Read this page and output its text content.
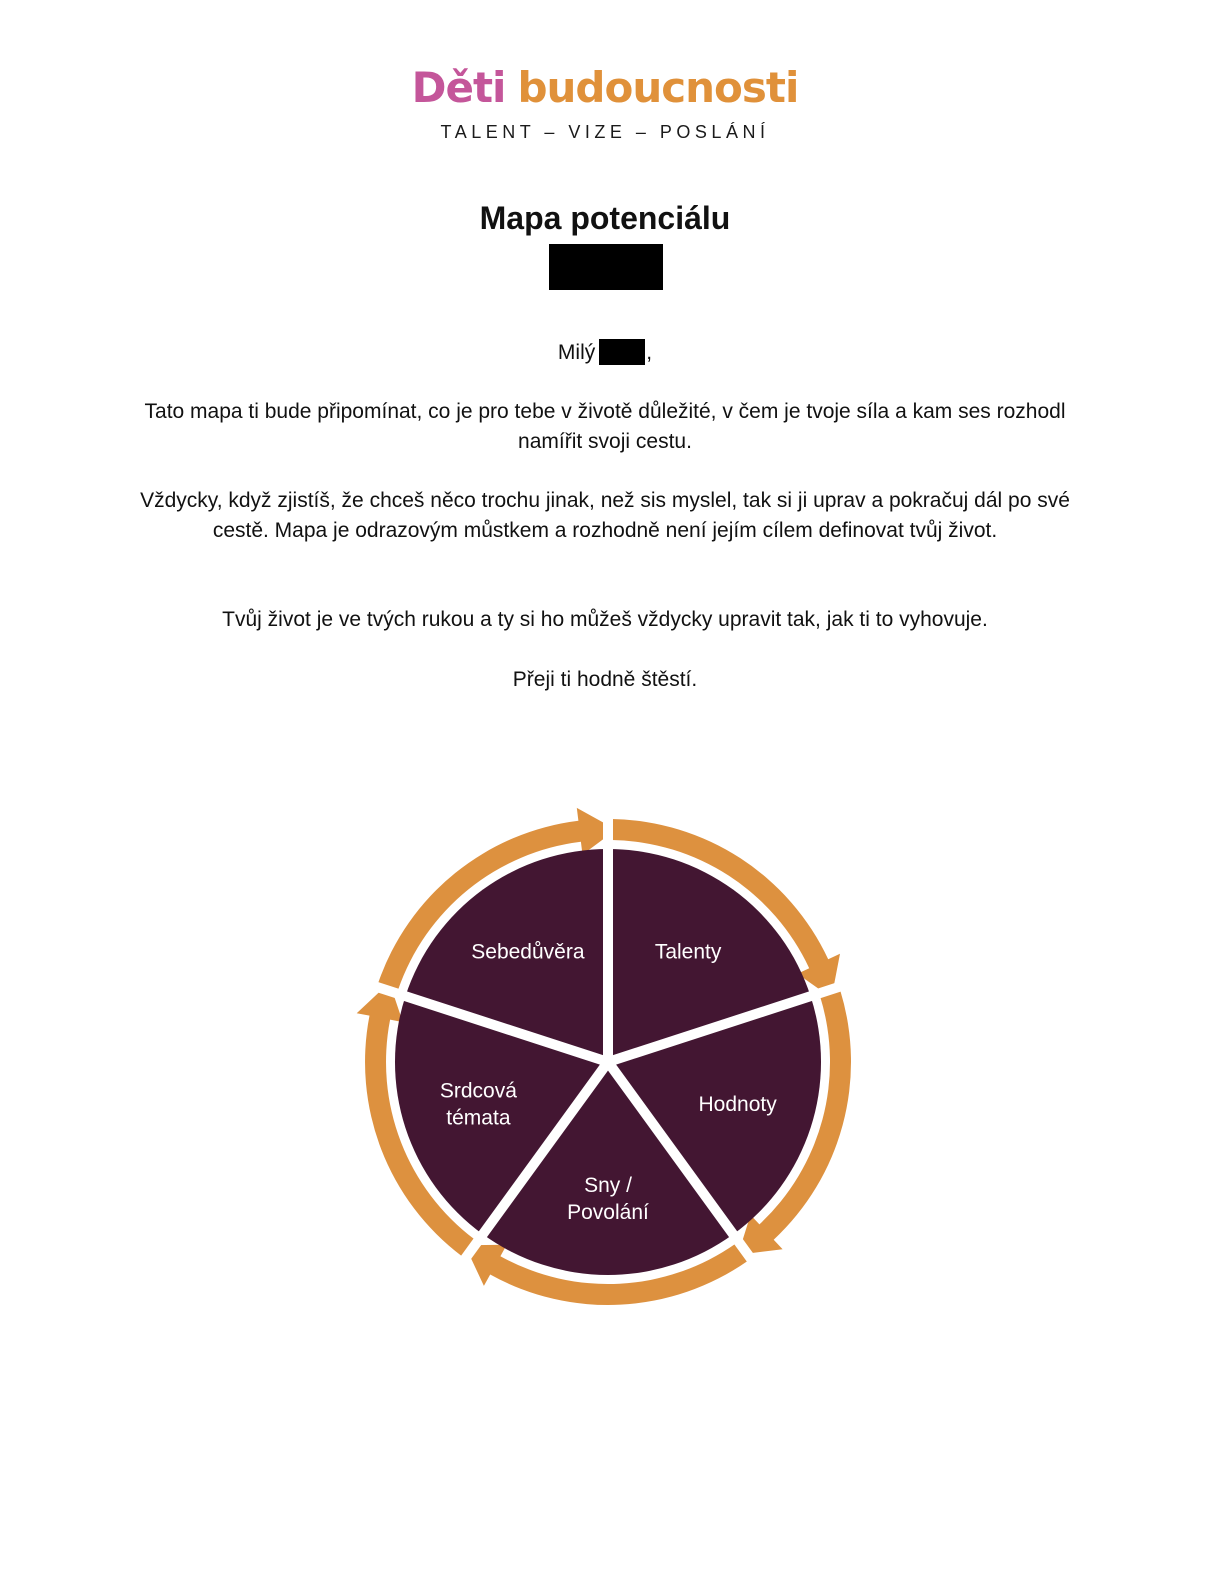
Děti budoucnosti
TALENT – VIZE – POSLÁNÍ
Mapa potenciálu
Milý ,
Tato mapa ti bude připomínat, co je pro tebe v životě důležité, v čem je tvoje síla a kam ses rozhodl namířit svoji cestu.
Vždycky, když zjistíš, že chceš něco trochu jinak, než sis myslel, tak si ji uprav a pokračuj dál po své cestě. Mapa je odrazovým můstkem a rozhodně není jejím cílem definovat tvůj život.
Tvůj život je ve tvých rukou a ty si ho můžeš vždycky upravit tak, jak ti to vyhovuje.
Přeji ti hodně štěstí.
Talenty
Hodnoty
Sny / Povolání
Srdcová témata
Sebedůvěra
